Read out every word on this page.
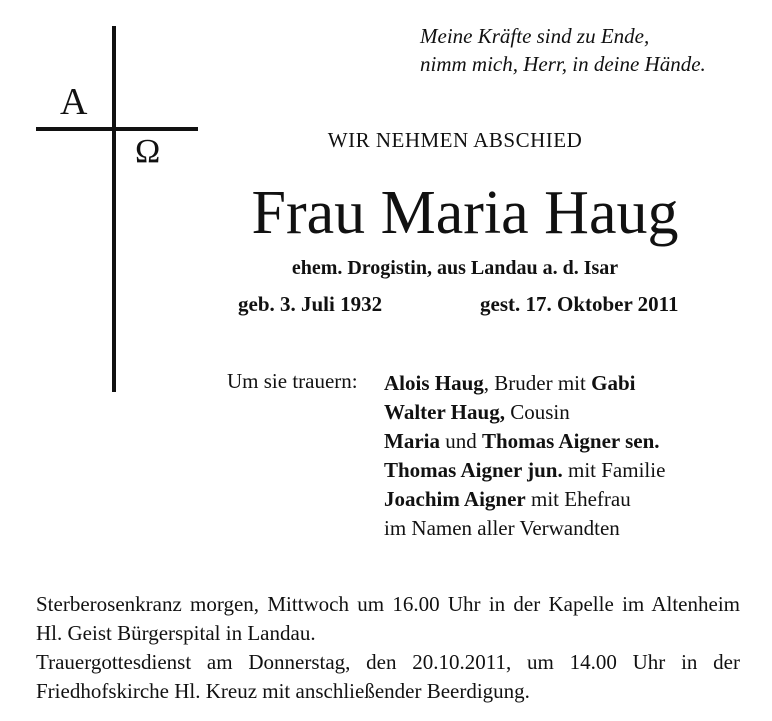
A
Ω
Meine Kräfte sind zu Ende,
nimm mich, Herr, in deine Hände.
WIR NEHMEN ABSCHIED
Frau Maria Haug
ehem. Drogistin, aus Landau a. d. Isar
geb. 3. Juli 1932	gest. 17. Oktober 2011
Um sie trauern: Alois Haug, Bruder mit Gabi
Walter Haug, Cousin
Maria und Thomas Aigner sen.
Thomas Aigner jun. mit Familie
Joachim Aigner mit Ehefrau
im Namen aller Verwandten
Sterberosenkranz morgen, Mittwoch um 16.00 Uhr in der Kapelle im Altenheim Hl. Geist Bürgerspital in Landau.
Trauergottesdienst am Donnerstag, den 20.10.2011, um 14.00 Uhr in der Friedhofskirche Hl. Kreuz mit anschließender Beerdigung.
